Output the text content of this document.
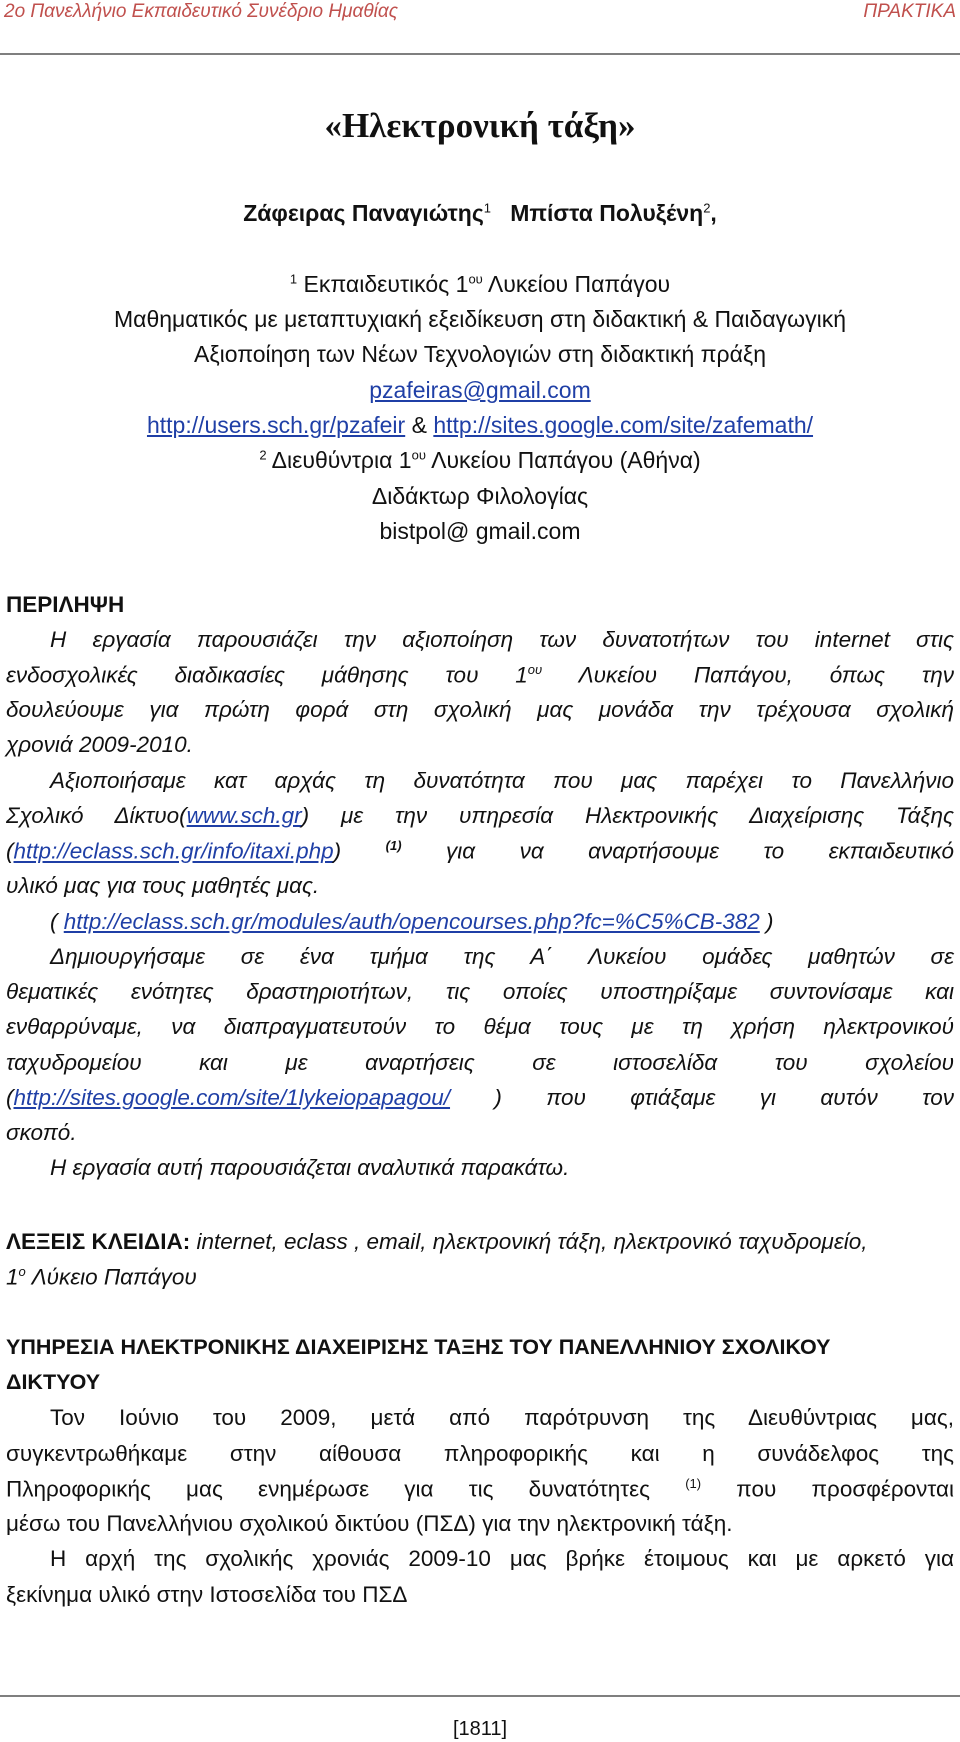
2ο Πανελλήνιο Εκπαιδευτικό Συνέδριο Ημαθίας	ΠΡΑΚΤΙΚΑ
«Ηλεκτρονική τάξη»
Ζάφειρας Παναγιώτης$^1$ Μπίστα Πολυξένη$^2$,
$^1$ Εκπαιδευτικός $1^{o\upsilon}$ Λυκείου Παπάγου
Μαθηματικός με μεταπτυχιακή εξειδίκευση στη διδακτική & Παιδαγωγική
Αξιοποίηση των Νέων Τεχνολογιών στη διδακτική πράξη
pzafeiras@gmail.com
http://users.sch.gr/pzafeir & http://sites.google.com/site/zafemath/
$^2$ Διευθύντρια $1^{o\upsilon}$ Λυκείου Παπάγου (Αθήνα)
Διδάκτωρ Φιλολογίας
bistpol@ gmail.com
ΠΕΡΙΛΗΨΗ
Η εργασία παρουσιάζει την αξιοποίηση των δυνατοτήτων του internet στις
ενδοσχολικές διαδικασίες μάθησης του $1^{o\upsilon}$ Λυκείου Παπάγου, όπως την
δουλεύουμε για πρώτη φορά στη σχολική μας μονάδα την τρέχουσα σχολική
χρονιά 2009-2010.
Αξιοποιήσαμε κατ αρχάς τη δυνατότητα που μας παρέχει το Πανελλήνιο
Σχολικό Δίκτυο(www.sch.gr) με την υπηρεσία Ηλεκτρονικής Διαχείρισης Τάξης
(http://eclass.sch.gr/info/itaxi.php)	$^{(1)}$ για να αναρτήσουμε το εκπαιδευτικό
υλικό μας για τους μαθητές μας.
( http://eclass.sch.gr/modules/auth/opencourses.php?fc=%C5%CB-382 )
Δημιουργήσαμε σε ένα τμήμα της Α΄ Λυκείου ομάδες μαθητών σε
θεματικές ενότητες δραστηριοτήτων, τις οποίες υποστηρίξαμε συντονίσαμε και
ενθαρρύναμε, να διαπραγματευτούν το θέμα τους με τη χρήση ηλεκτρονικού
ταχυδρομείου και με αναρτήσεις σε ιστοσελίδα του σχολείου
(http://sites.google.com/site/1lykeiopapagou/ ) που φτιάξαμε γι αυτόν τον
σκοπό.
Η εργασία αυτή παρουσιάζεται αναλυτικά παρακάτω.
ΛΕΞΕΙΣ ΚΛΕΙΔΙΑ: internet, eclass , email, ηλεκτρονική τάξη, ηλεκτρονικό ταχυδρομείο,
$1^o$ Λύκειο Παπάγου
ΥΠΗΡΕΣΙΑ ΗΛΕΚΤΡΟΝΙΚΗΣ ΔΙΑΧΕΙΡΙΣΗΣ ΤΑΞΗΣ ΤΟΥ ΠΑΝΕΛΛΗΝΙΟΥ ΣΧΟΛΙΚΟΥ
ΔΙΚΤΥΟΥ
Τον Ιούνιο του 2009, μετά από παρότρυνση της Διευθύντριας μας,
συγκεντρωθήκαμε στην αίθουσα πληροφορικής και η συνάδελφος της
Πληροφορικής μας ενημέρωσε για τις δυνατότητες $^{(1)}$ που προσφέρονται
μέσω του Πανελλήνιου σχολικού δικτύου (ΠΣΔ) για την ηλεκτρονική τάξη.
Η αρχή της σχολικής χρονιάς 2009-10 μας βρήκε έτοιμους και με αρκετό για
ξεκίνημα υλικό στην Ιστοσελίδα του ΠΣΔ
[1811]
